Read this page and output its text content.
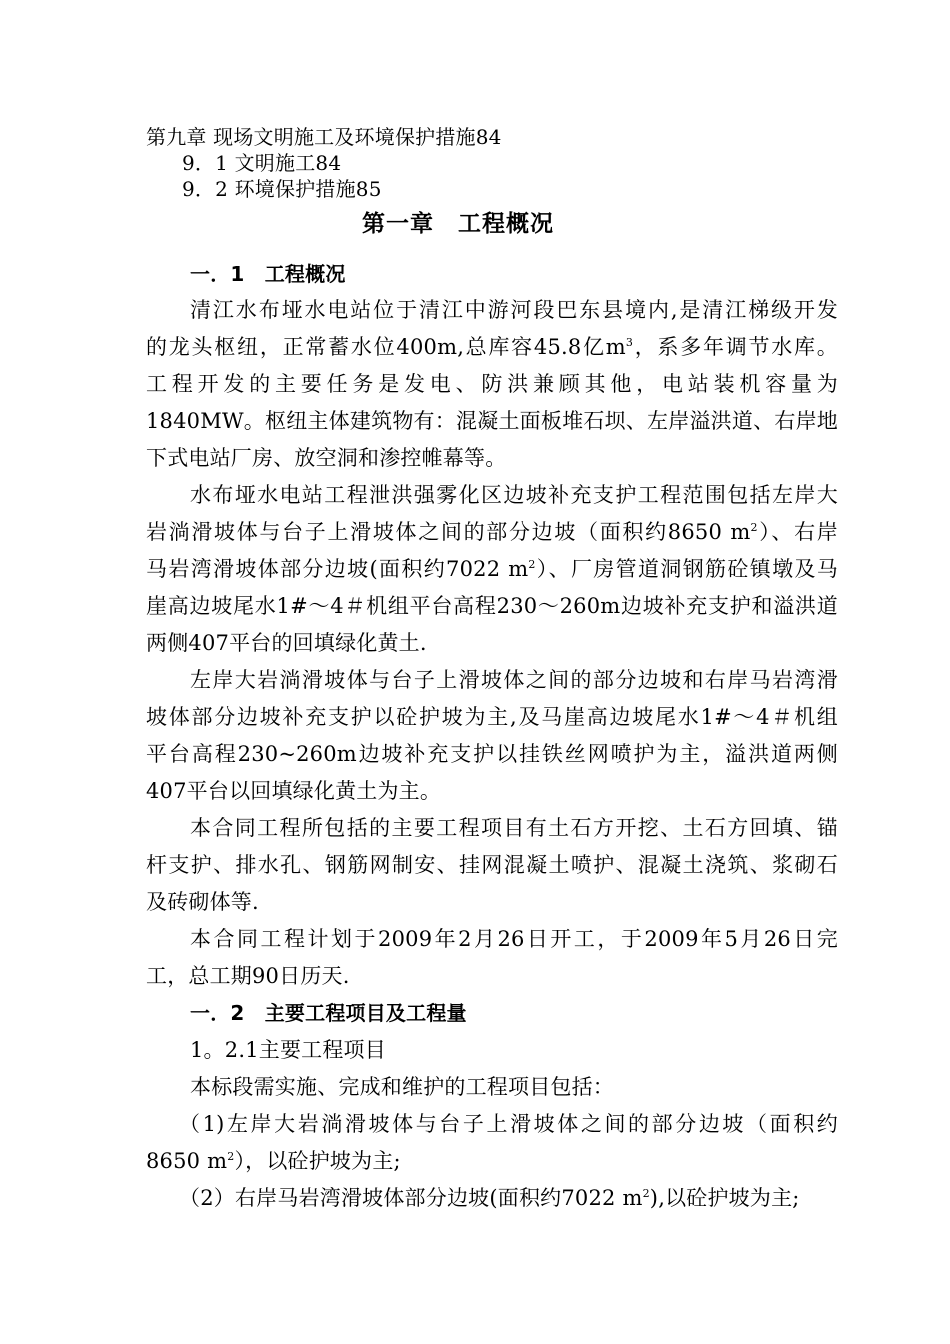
第九章 现场文明施工及环境保护措施84
9．1 文明施工84
9．2 环境保护措施85
第一章　工程概况
一．1　工程概况
清江水布垭水电站位于清江中游河段巴东县境内,是清江梯级开发
的龙头枢纽，正常蓄水位400m,总库容45.8亿$m^3$，系多年调节水库。
工程开发的主要任务是发电、防洪兼顾其他，电站装机容量为
1840MW。枢纽主体建筑物有：混凝土面板堆石坝、左岸溢洪道、右岸地
下式电站厂房、放空洞和渗控帷幕等。
水布垭水电站工程泄洪强雾化区边坡补充支护工程范围包括左岸大
岩淌滑坡体与台子上滑坡体之间的部分边坡（面积约8650 $m^2$）、右岸
马岩湾滑坡体部分边坡(面积约7022 $m^2$）、厂房管道洞钢筋砼镇墩及马
崖高边坡尾水1#～4＃机组平台高程230～260m边坡补充支护和溢洪道
两侧407平台的回填绿化黄土.
左岸大岩淌滑坡体与台子上滑坡体之间的部分边坡和右岸马岩湾滑
坡体部分边坡补充支护以砼护坡为主,及马崖高边坡尾水1#～4＃机组
平台高程230~260m边坡补充支护以挂铁丝网喷护为主，溢洪道两侧
407平台以回填绿化黄土为主。
本合同工程所包括的主要工程项目有土石方开挖、土石方回填、锚
杆支护、排水孔、钢筋网制安、挂网混凝土喷护、混凝土浇筑、浆砌石
及砖砌体等.
本合同工程计划于2009年2月26日开工，于2009年5月26日完
工，总工期90日历天.
一．2　主要工程项目及工程量
1。2.1主要工程项目
本标段需实施、完成和维护的工程项目包括：
（1)左岸大岩淌滑坡体与台子上滑坡体之间的部分边坡（面积约
8650 $m^2$），以砼护坡为主;
（2）右岸马岩湾滑坡体部分边坡(面积约7022 $m^2$),以砼护坡为主;
